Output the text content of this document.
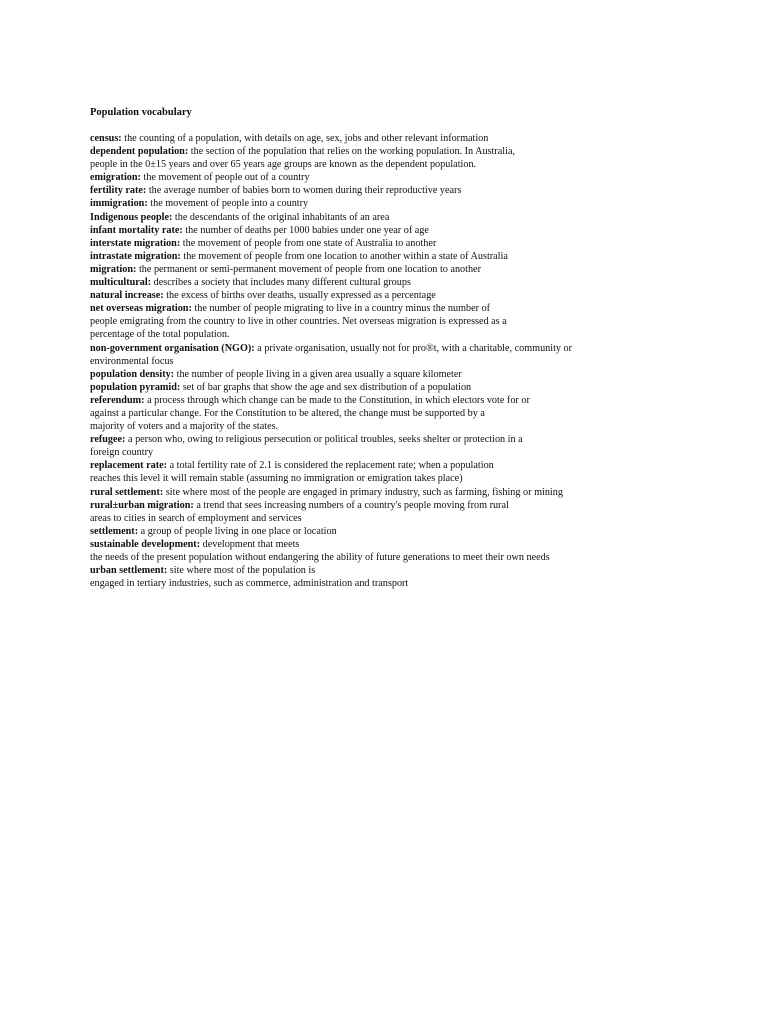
Population vocabulary
census: the counting of a population, with details on age, sex, jobs and other relevant information
dependent population: the section of the population that relies on the working population. In Australia,
people in the 0±15 years and over 65 years age groups are known as the dependent population.
emigration: the movement of people out of a country
fertility rate: the average number of babies born to women during their reproductive years
immigration: the movement of people into a country
Indigenous people: the descendants of the original inhabitants of an area
infant mortality rate: the number of deaths per 1000 babies under one year of age
interstate migration: the movement of people from one state of Australia to another
intrastate migration: the movement of people from one location to another within a state of Australia
migration: the permanent or semi-permanent movement of people from one location to another
multicultural: describes a society that includes many different cultural groups
natural increase: the excess of births over deaths, usually expressed as a percentage
net overseas migration: the number of people migrating to live in a country minus the number of
people emigrating from the country to live in other countries. Net overseas migration is expressed as a
percentage of the total population.
non-government organisation (NGO): a private organisation, usually not for pro®t, with a charitable, community or
environmental focus
population density: the number of people living in a given area usually a square kilometer
population pyramid: set of bar graphs that show the age and sex distribution of a population
referendum: a process through which change can be made to the Constitution, in which electors vote for or
against a particular change. For the Constitution to be altered, the change must be supported by a
majority of voters and a majority of the states.
refugee: a person who, owing to religious persecution or political troubles, seeks shelter or protection in a
foreign country
replacement rate: a total fertility rate of 2.1 is considered the replacement rate; when a population
reaches this level it will remain stable (assuming no immigration or emigration takes place)
rural settlement: site where most of the people are engaged in primary industry, such as farming, fishing or mining
rural±urban migration: a trend that sees increasing numbers of a country's people moving from rural
areas to cities in search of employment and services
settlement: a group of people living in one place or location
sustainable development: development that meets
the needs of the present population without endangering the ability of future generations to meet their own needs
urban settlement: site where most of the population is
engaged in tertiary industries, such as commerce, administration and transport
